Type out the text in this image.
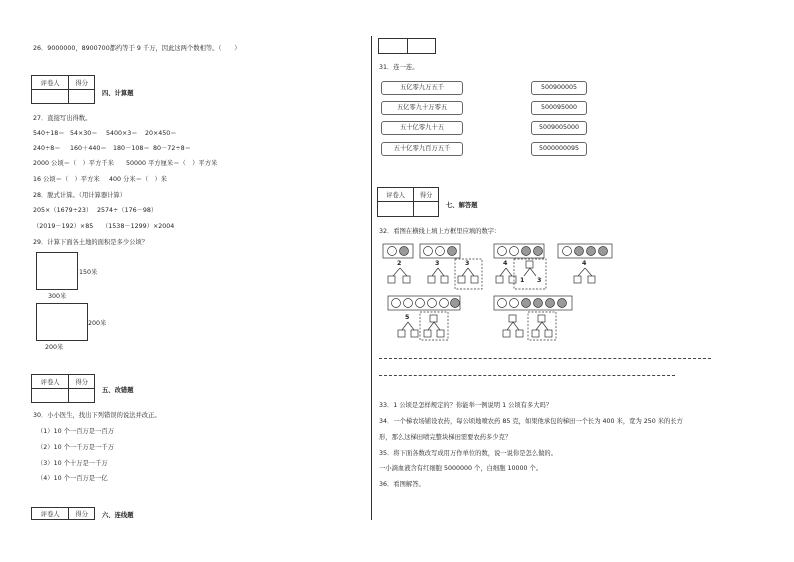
26．9000000，8900700都约等于 9 千万，因此这两个数相等。（　　）
评卷人	得分

四、计算题
27．直接写出得数。
540÷18＝ 54×30＝ 5400×3＝ 20×450＝
240÷8＝ 160＋440＝ 180－108＝ 80－72÷8＝
2000 公顷＝（　）平方千米 50000 平方厘米＝（　）平方米
16 公顷＝（　）平方米 400 分米＝（　）米
28．脱式计算。（用计算器计算）
205×（1679÷23） 2574÷（176－98）
（2019－192）×85 （1538－1299）×2004
29．计算下面各土地的面积是多少公顷？
150米
300米
200米
200米
评卷人	得分

五、改错题
30．小小医生，找出下列错误的说法并改正。
（1）10 个一百万是一百万
（2）10 个一千万是一千万
（3）10 个十万是一千万
（4）10 个一百万是一亿
评卷人	得分 六、连线题

31．连一连。
五亿零九万五千
五亿零九十万零五
五十亿零九十五
五十亿零九百万五千
500900005
500095000
5009005000
5000000095
评卷人	得分

七、解答题
32．看图在横线上填上方框里应填的数字：
2	3	3	4
1 3
4
5
33．1 公顷是怎样规定的？你能举一例说明 1 公顷有多大吗？
34．一个梯农场铺设农药，每公顷地喷农药 85 克，如果他承包的梯田一个长为 400 米，宽为 250 米的长方
形，那么这梯田喷完整块梯田需要农药多少克？
35．将下面各数改写成用万作单位的数，说一说你是怎么做的。
一小滴血液含有红细胞 5000000 个，白细胞 10000 个。
36．看图解答。
